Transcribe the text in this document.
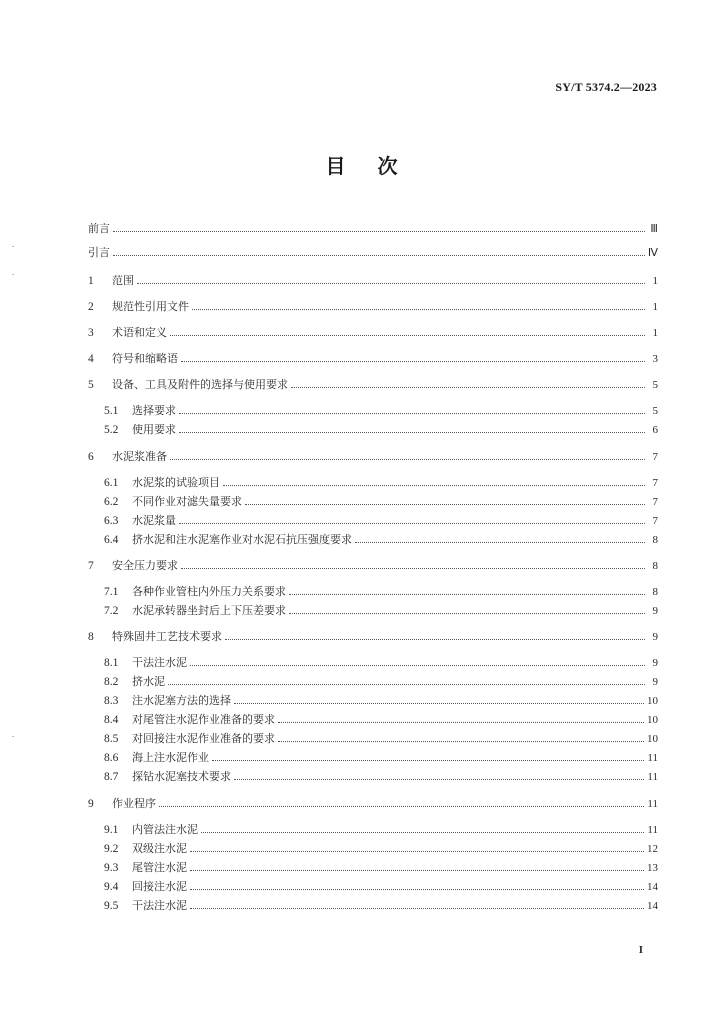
SY/T 5374.2—2023
目次
前言	Ⅲ
引言	Ⅳ
1	范围	1
2	规范性引用文件	1
3	术语和定义	1
4	符号和缩略语	3
5	设备、工具及附件的选择与使用要求	5
5.1	选择要求	5
5.2	使用要求	6
6	水泥浆准备	7
6.1	水泥浆的试验项目	7
6.2	不同作业对滤失量要求	7
6.3	水泥浆量	7
6.4	挤水泥和注水泥塞作业对水泥石抗压强度要求	8
7	安全压力要求	8
7.1	各种作业管柱内外压力关系要求	8
7.2	水泥承转器坐封后上下压差要求	9
8	特殊固井工艺技术要求	9
8.1	干法注水泥	9
8.2	挤水泥	9
8.3	注水泥塞方法的选择	10
8.4	对尾管注水泥作业准备的要求	10
8.5	对回接注水泥作业准备的要求	10
8.6	海上注水泥作业	11
8.7	探钻水泥塞技术要求	11
9	作业程序	11
9.1	内管法注水泥	11
9.2	双级注水泥	12
9.3	尾管注水泥	13
9.4	回接注水泥	14
9.5	干法注水泥	14
I
